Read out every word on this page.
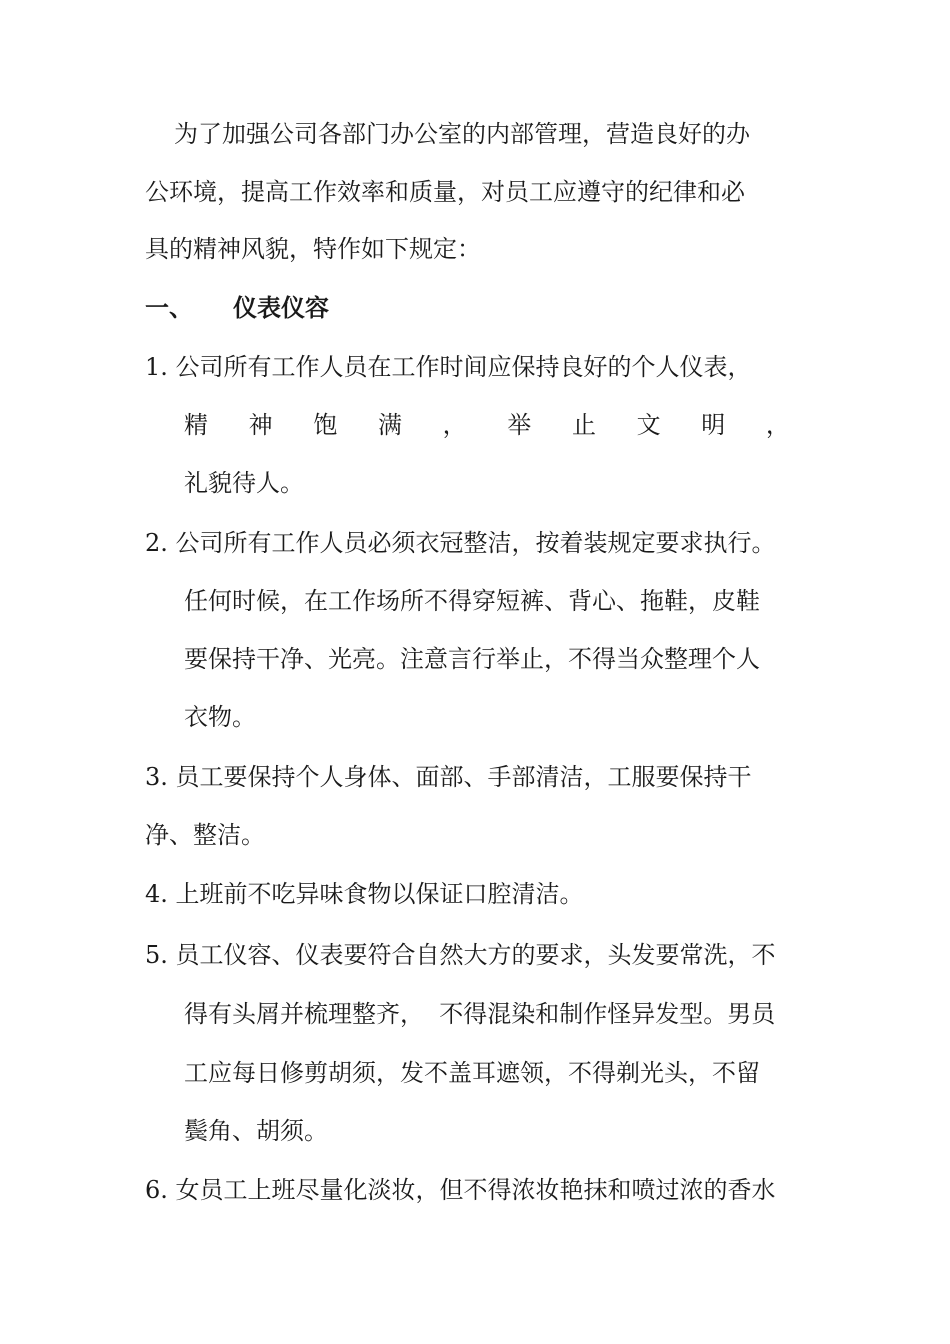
为了加强公司各部门办公室的内部管理，营造良好的办
公环境，提高工作效率和质量，对员工应遵守的纪律和必
具的精神风貌，特作如下规定：
一、 仪表仪容
1. 公司所有工作人员在工作时间应保持良好的个人仪表，
精 神 饱 满 ， 举 止 文 明 ，
礼貌待人。
2. 公司所有工作人员必须衣冠整洁，按着装规定要求执行。
任何时候，在工作场所不得穿短裤、背心、拖鞋，皮鞋
要保持干净、光亮。注意言行举止，不得当众整理个人
衣物。
3. 员工要保持个人身体、面部、手部清洁，工服要保持干
净、整洁。
4. 上班前不吃异味食物以保证口腔清洁。
5. 员工仪容、仪表要符合自然大方的要求，头发要常洗，不
得有头屑并梳理整齐，  不得混染和制作怪异发型。男员
工应每日修剪胡须，发不盖耳遮领，不得剃光头，不留
鬓角、胡须。
6. 女员工上班尽量化淡妆，但不得浓妆艳抹和喷过浓的香水
